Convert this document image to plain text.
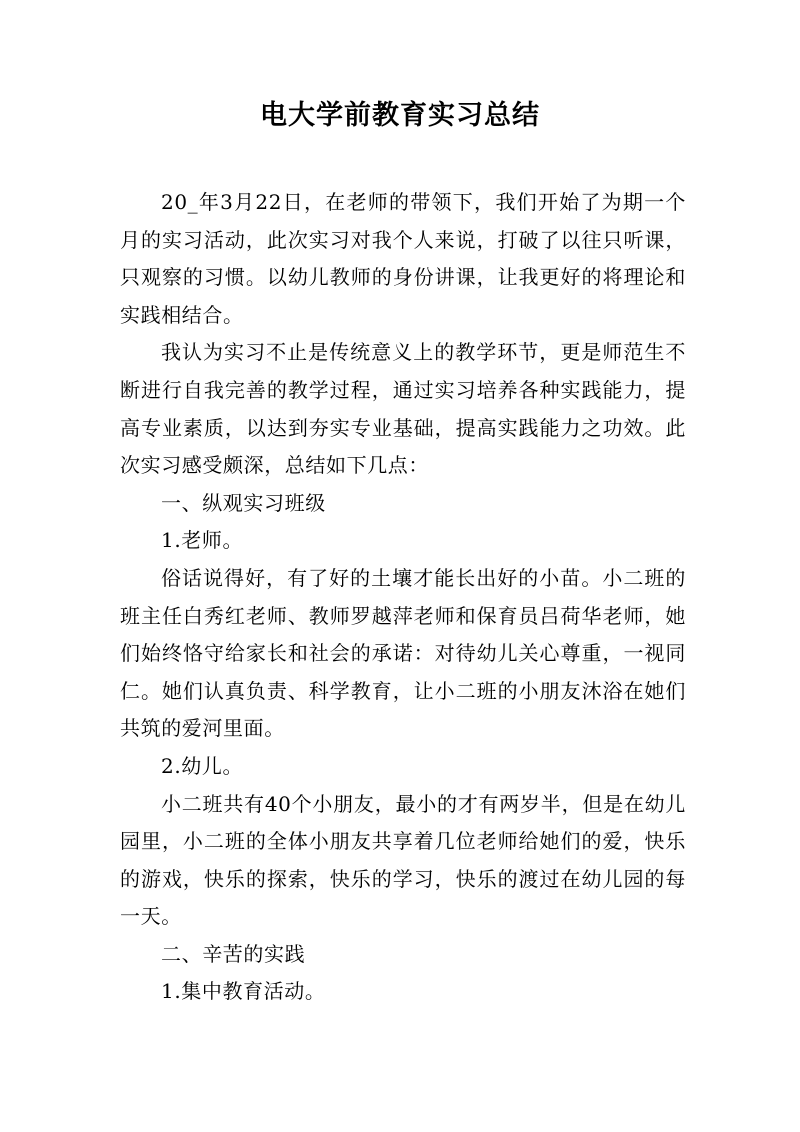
电大学前教育实习总结

20_年3月22日，在老师的带领下，我们开始了为期一个月的实习活动，此次实习对我个人来说，打破了以往只听课，只观察的习惯。以幼儿教师的身份讲课，让我更好的将理论和实践相结合。

我认为实习不止是传统意义上的教学环节，更是师范生不断进行自我完善的教学过程，通过实习培养各种实践能力，提高专业素质，以达到夯实专业基础，提高实践能力之功效。此次实习感受颇深，总结如下几点：

一、纵观实习班级

1.老师。

俗话说得好，有了好的土壤才能长出好的小苗。小二班的班主任白秀红老师、教师罗越萍老师和保育员吕荷华老师，她们始终恪守给家长和社会的承诺：对待幼儿关心尊重，一视同仁。她们认真负责、科学教育，让小二班的小朋友沐浴在她们共筑的爱河里面。

2.幼儿。

小二班共有40个小朋友，最小的才有两岁半，但是在幼儿园里，小二班的全体小朋友共享着几位老师给她们的爱，快乐的游戏，快乐的探索，快乐的学习，快乐的渡过在幼儿园的每一天。

二、辛苦的实践

1.集中教育活动。
